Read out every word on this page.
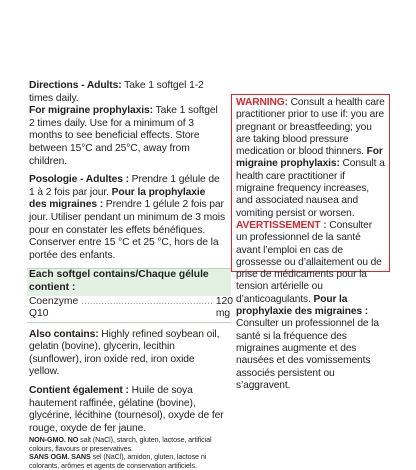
Directions - Adults: Take 1 softgel 1-2 times daily.
For migraine prophylaxis: Take 1 softgel 2 times daily. Use for a minimum of 3 months to see beneficial effects. Store between 15°C and 25°C, away from children.

Posologie - Adultes : Prendre 1 gélule de 1 à 2 fois par jour. Pour la prophylaxie des migraines : Prendre 1 gélule 2 fois par jour. Utiliser pendant un minimum de 3 mois pour en constater les effets bénéfiques. Conserver entre 15 °C et 25 °C, hors de la portée des enfants.

Each softgel contains/Chaque gélule contient :
Coenzyme Q10
.............................................. 120 mg

Also contains: Highly refined soybean oil, gelatin (bovine), glycerin, lecithin (sunflower), iron oxide red, iron oxide yellow.

Contient également : Huile de soya hautement raffinée, gélatine (bovine), glycérine, lécithine (tournesol), oxyde de fer rouge, oxyde de fer jaune.

NON-GMO. NO salt (NaCl), starch, gluten, lactose, artificial colours, flavours or preservatives.

SANS OGM. SANS sel (NaCl), amidon, gluten, lactose ni colorants, arômes et agents de conservation artificiels.

WARNING: Consult a health care practitioner prior to use if: you are pregnant or breastfeeding; you are taking blood pressure medication or blood thinners. For migraine prophylaxis: Consult a health care practitioner if migraine frequency increases, and associated nausea and vomiting persist or worsen.

AVERTISSEMENT : Consulter un professionnel de la santé avant l’emploi en cas de grossesse ou d’allaitement ou de prise de médicaments pour la tension artérielle ou d’anticoagulants. Pour la prophylaxie des migraines : Consulter un professionnel de la santé si la fréquence des migraines augmente et des nausées et des vomissements associés persistent ou s’aggravent.
